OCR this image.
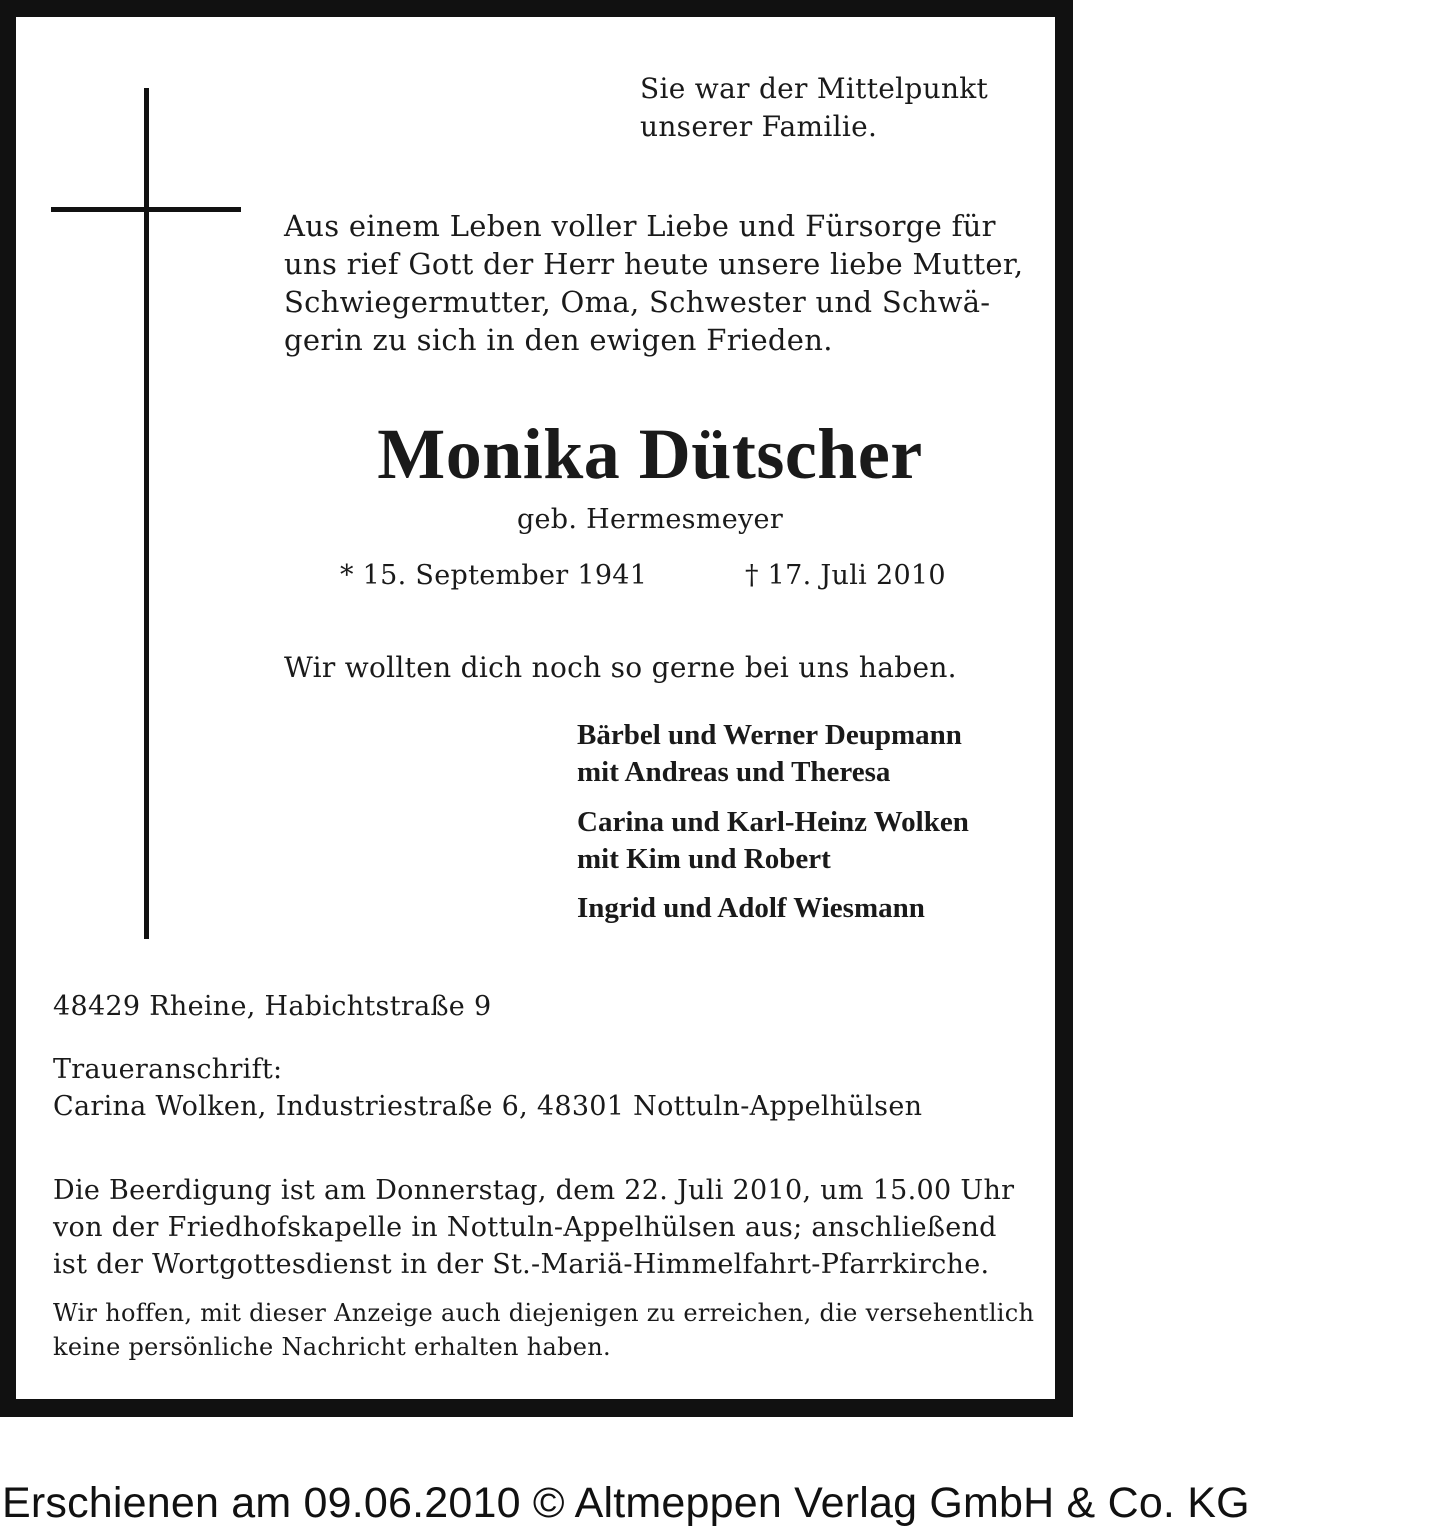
Sie war der Mittelpunkt
unserer Familie.
Aus einem Leben voller Liebe und Fürsorge für
uns rief Gott der Herr heute unsere liebe Mutter,
Schwiegermutter, Oma, Schwester und Schwä-
gerin zu sich in den ewigen Frieden.
Monika Dütscher
geb. Hermesmeyer
* 15. September 1941	† 17. Juli 2010
Wir wollten dich noch so gerne bei uns haben.
Bärbel und Werner Deupmann
mit Andreas und Theresa
Carina und Karl-Heinz Wolken
mit Kim und Robert
Ingrid und Adolf Wiesmann
48429 Rheine, Habichtstraße 9
Traueranschrift:
Carina Wolken, Industriestraße 6, 48301 Nottuln-Appelhülsen
Die Beerdigung ist am Donnerstag, dem 22. Juli 2010, um 15.00 Uhr
von der Friedhofskapelle in Nottuln-Appelhülsen aus; anschließend
ist der Wortgottesdienst in der St.-Mariä-Himmelfahrt-Pfarrkirche.
Wir hoffen, mit dieser Anzeige auch diejenigen zu erreichen, die versehentlich
keine persönliche Nachricht erhalten haben.
Erschienen am 09.06.2010 © Altmeppen Verlag GmbH & Co. KG
